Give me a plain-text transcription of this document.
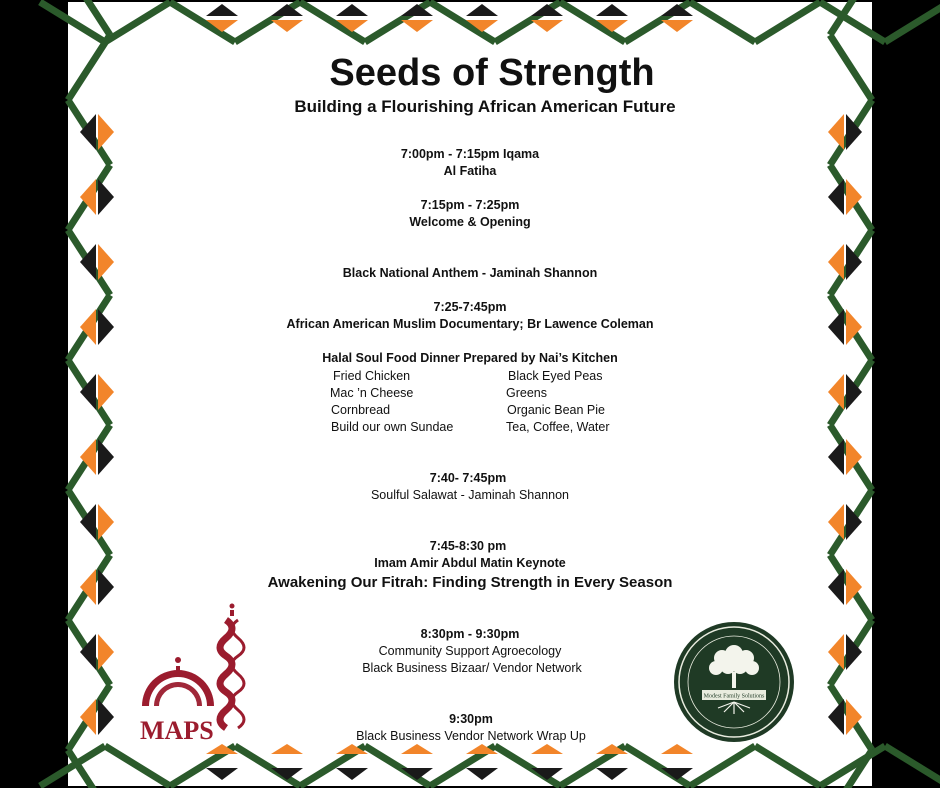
Seeds of Strength
Building a Flourishing African American Future
7:00pm - 7:15pm Iqama
Al Fatiha
7:15pm - 7:25pm
Welcome & Opening
Black National Anthem - Jaminah Shannon
7:25-7:45pm
African American Muslim Documentary; Br Lawence Coleman
Halal Soul Food Dinner Prepared by Nai’s Kitchen
Fried Chicken
Mac ’n Cheese
Cornbread
Build our own Sundae
Black Eyed Peas
Greens
Organic Bean Pie
Tea, Coffee, Water
7:40- 7:45pm
Soulful Salawat - Jaminah Shannon
7:45-8:30 pm
Imam Amir Abdul Matin Keynote
Awakening Our Fitrah: Finding Strength in Every Season
8:30pm - 9:30pm
Community Support Agroecology
Black Business Bizaar/ Vendor Network
9:30pm
Black Business Vendor Network Wrap Up
MAPS
Modest Family Solutions
